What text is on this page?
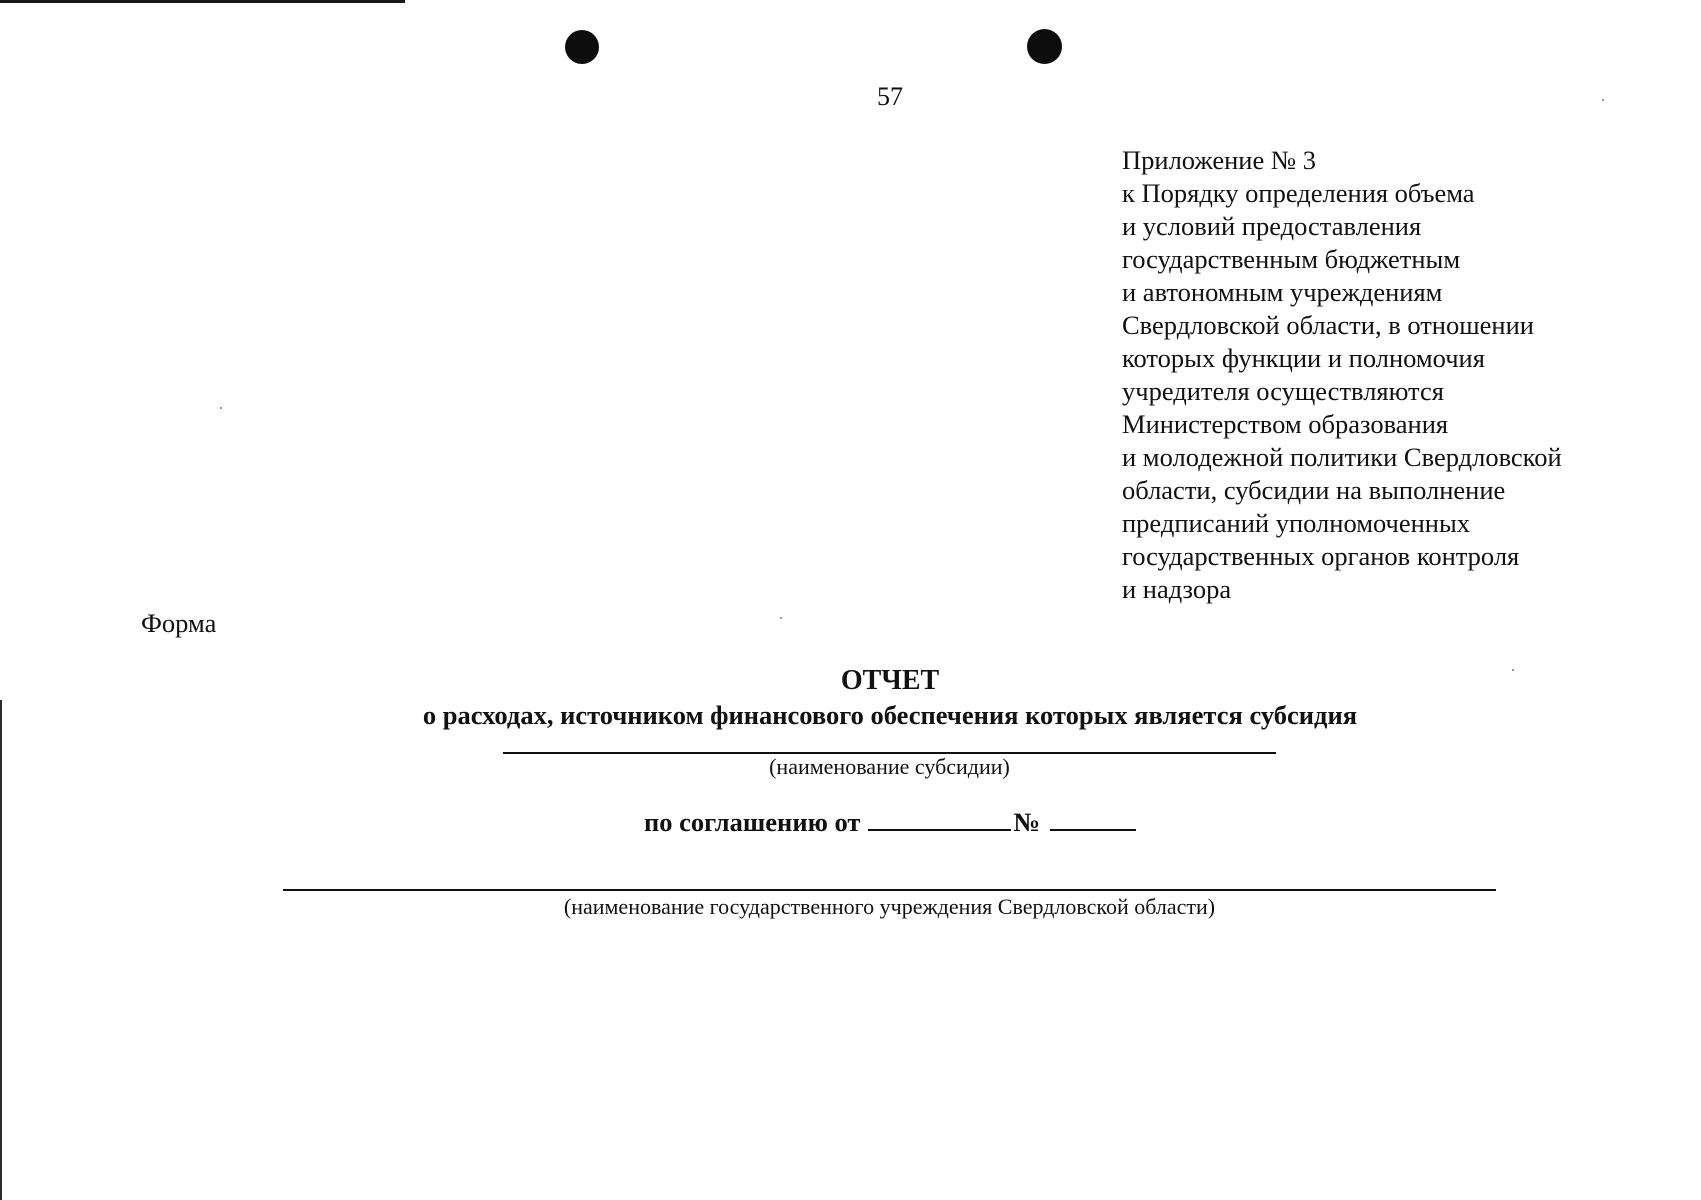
57
Приложение № 3
к Порядку определения объема
и условий предоставления
государственным бюджетным
и автономным учреждениям
Свердловской области, в отношении
которых функции и полномочия
учредителя осуществляются
Министерством образования
и молодежной политики Свердловской
области, субсидии на выполнение
предписаний уполномоченных
государственных органов контроля
и надзора
Форма
ОТЧЕТ
о расходах, источником финансового обеспечения которых является субсидия
(наименование субсидии)
по соглашению от	№
(наименование государственного учреждения Свердловской области)
